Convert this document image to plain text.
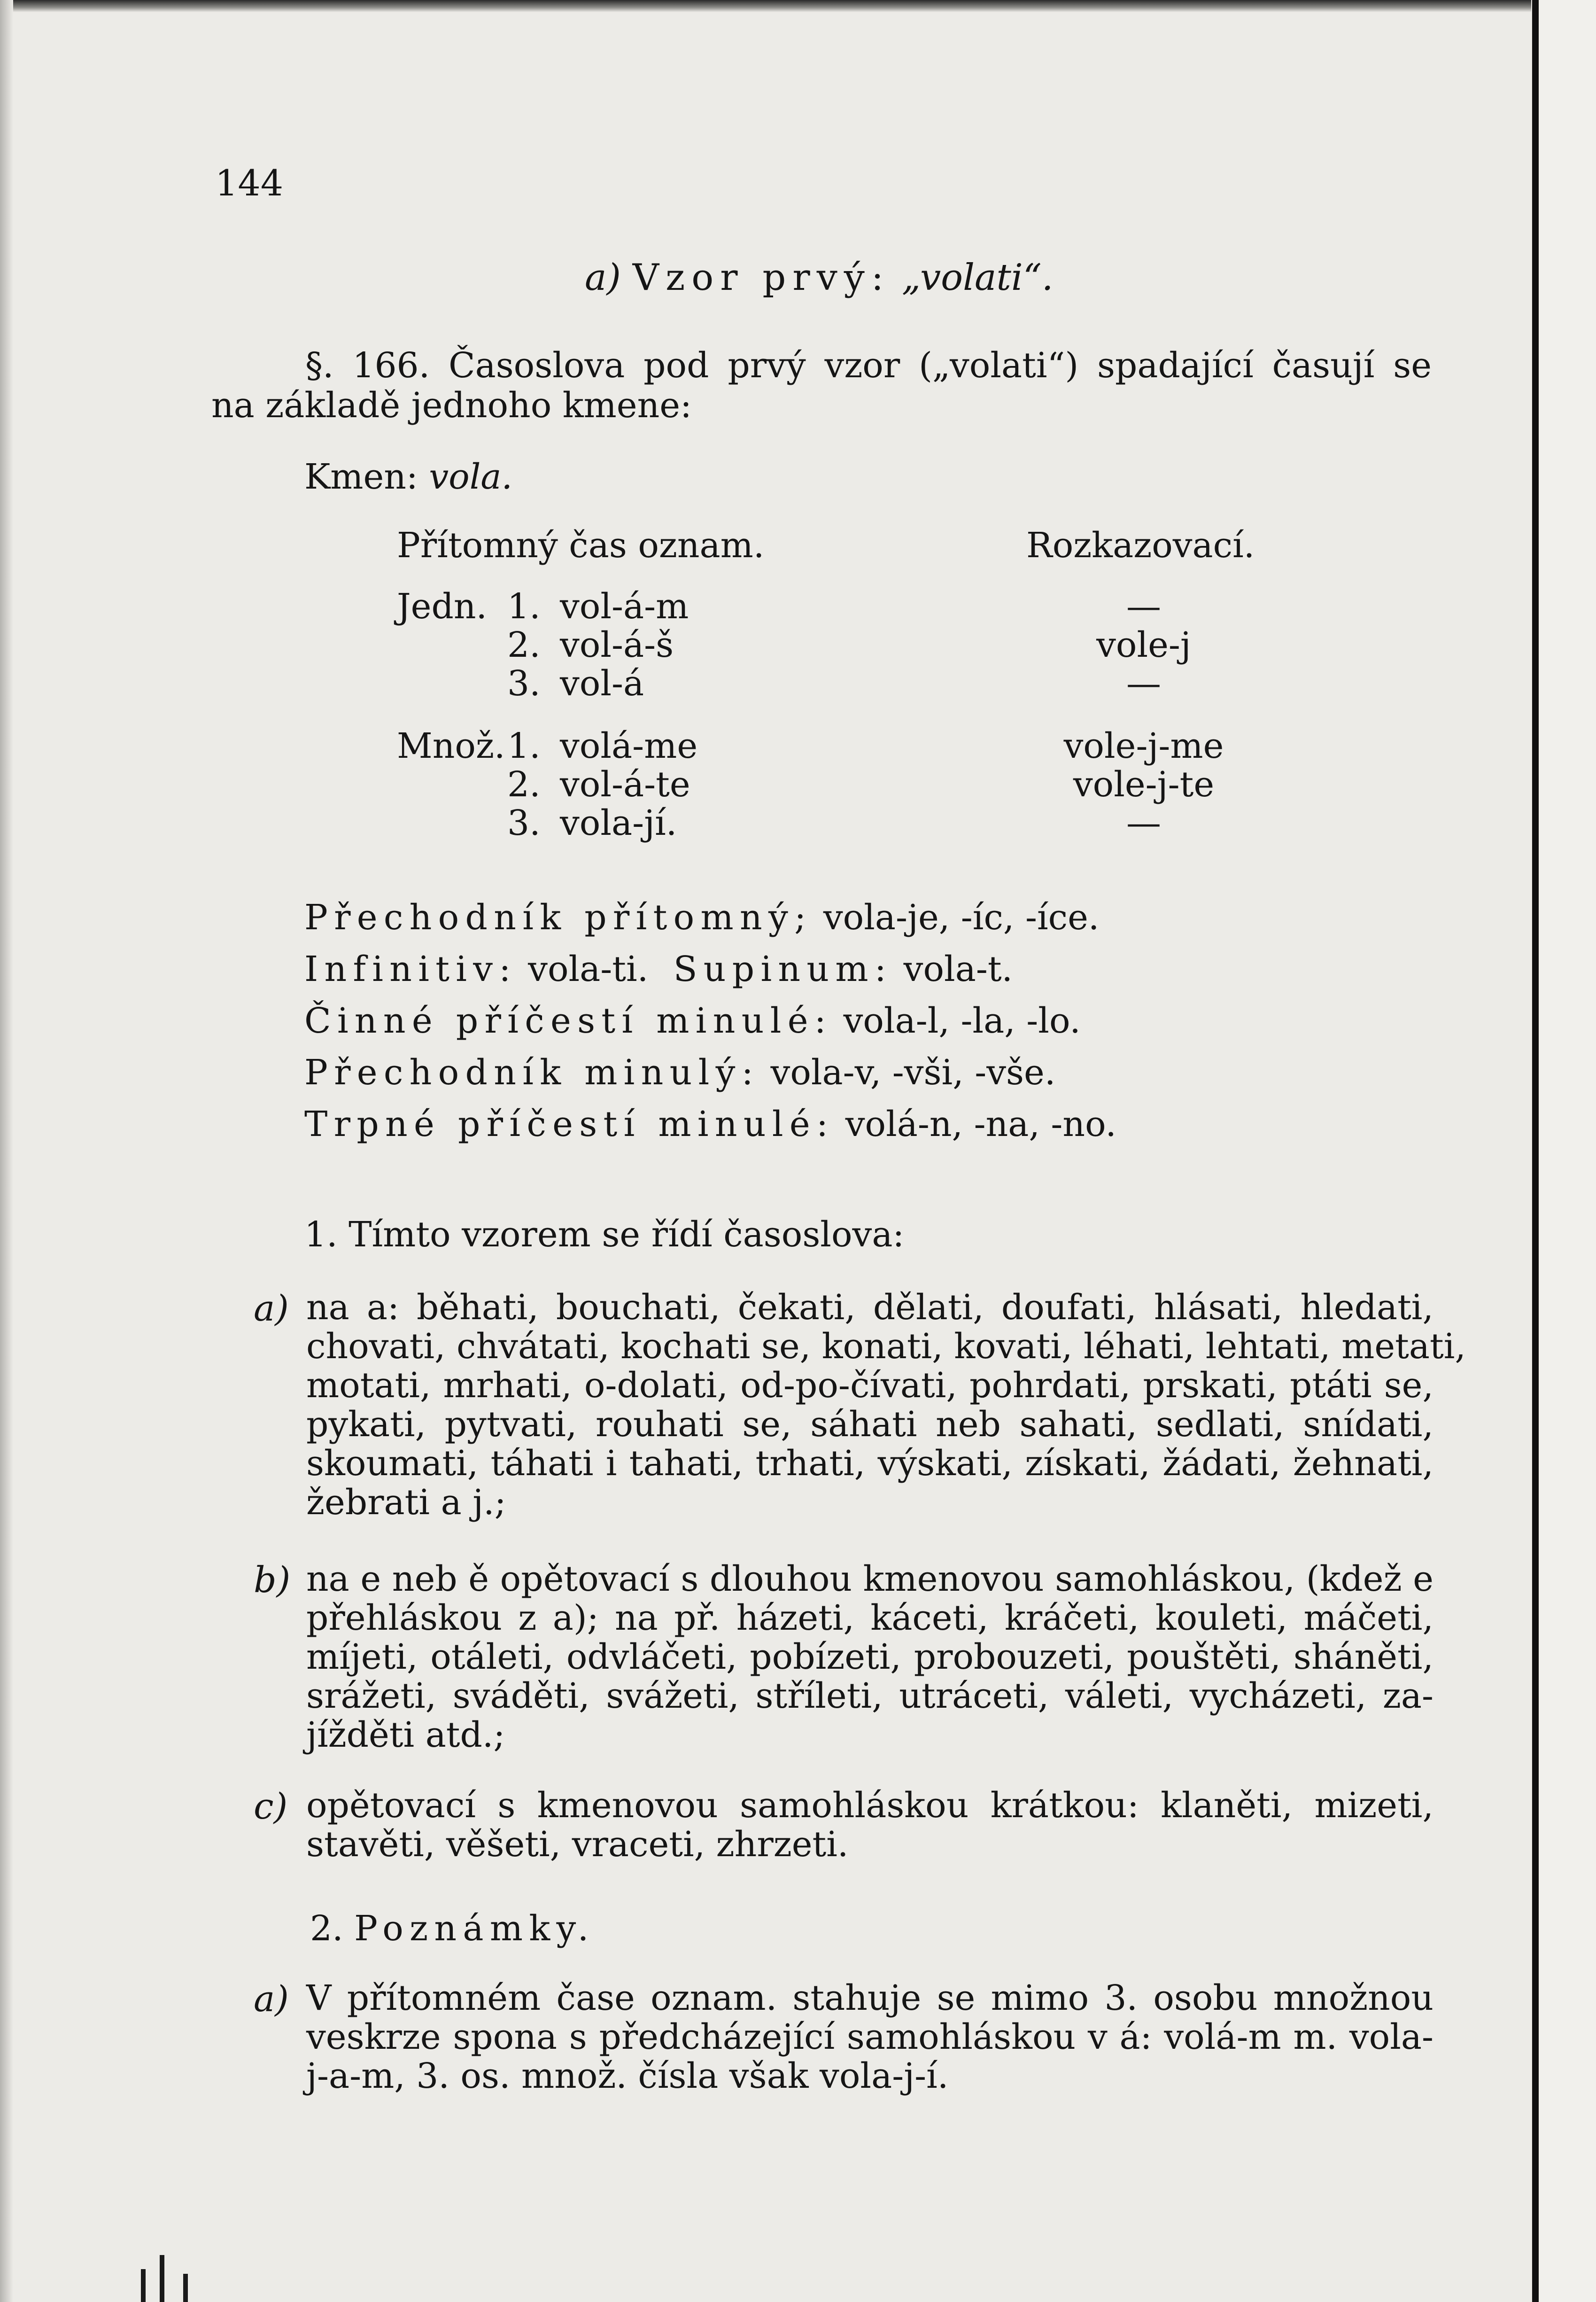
144
a) Vzor prvý: „volati“.
§. 166. Časoslova pod prvý vzor („volati“) spadající časují se
na základě jednoho kmene:
Kmen: vola.
Přítomný čas oznam.	Rozkazovací.
Jedn. 1. vol-á-m	—
2. vol-á-š	vole-j
3. vol-á	—
Množ. 1. volá-me	vole-j-me
2. vol-á-te	vole-j-te
3. vola-jí.	—
Přechodník přítomný; vola-je, -íc, -íce.
Infinitiv: vola-ti. Supinum: vola-t.
Činné příčestí minulé: vola-l, -la, -lo.
Přechodník minulý: vola-v, -vši, -vše.
Trpné příčestí minulé: volá-n, -na, -no.
1. Tímto vzorem se řídí časoslova:
a) na a: běhati, bouchati, čekati, dělati, doufati, hlásati, hledati,
chovati, chvátati, kochati se, konati, kovati, léhati, lehtati, metati,
motati, mrhati, o-dolati, od-po-čívati, pohrdati, prskati, ptáti se,
pykati, pytvati, rouhati se, sáhati neb sahati, sedlati, snídati,
skoumati, táhati i tahati, trhati, výskati, získati, žádati, žehnati,
žebrati a j.;
b) na e neb ě opětovací s dlouhou kmenovou samohláskou, (kdež e
přehláskou z a); na př. házeti, káceti, kráčeti, kouleti, máčeti,
míjeti, otáleti, odvláčeti, pobízeti, probouzeti, pouštěti, sháněti,
srážeti, sváděti, svážeti, stříleti, utráceti, váleti, vycházeti, za-
jížděti atd.;
c) opětovací s kmenovou samohláskou krátkou: klaněti, mizeti,
stavěti, věšeti, vraceti, zhrzeti.
2. Poznámky.
a) V přítomném čase oznam. stahuje se mimo 3. osobu množnou
veskrze spona s předcházející samohláskou v á: volá-m m. vola-
j-a-m, 3. os. množ. čísla však vola-j-í.
